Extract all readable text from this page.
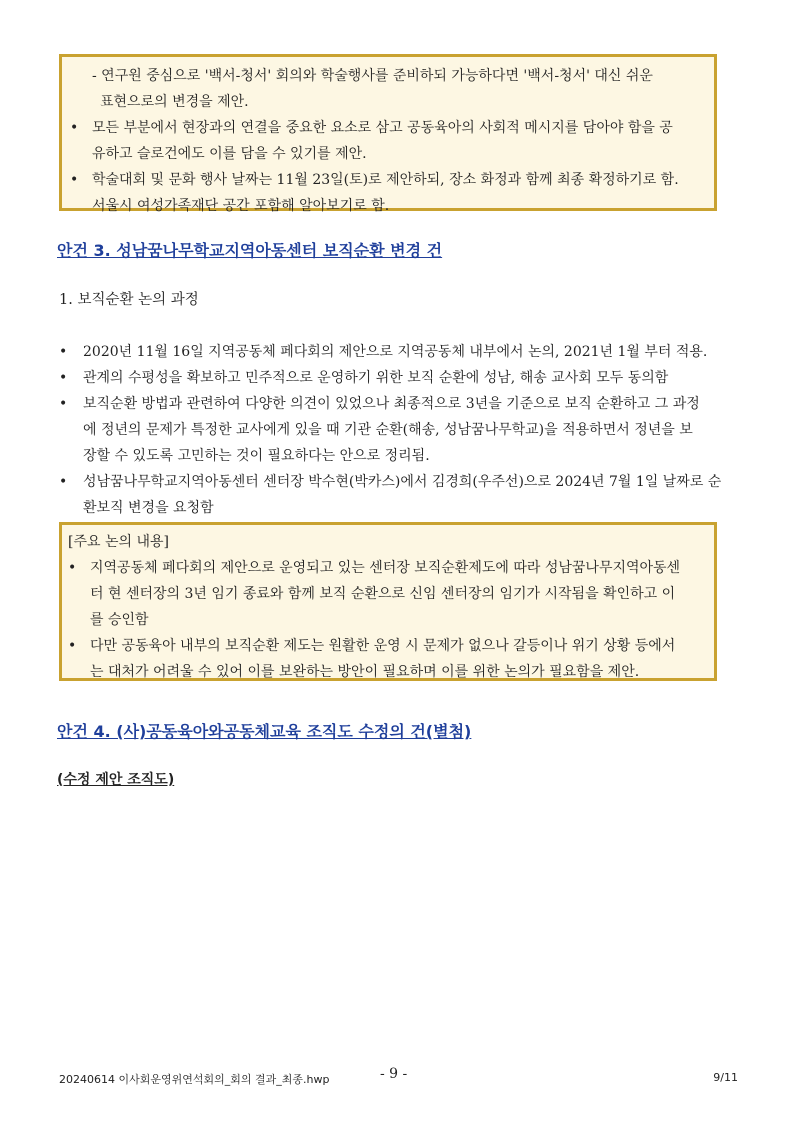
- 연구원 중심으로 '백서-청서' 회의와 학술행사를 준비하되 가능하다면 '백서-청서' 대신 쉬운
표현으로의 변경을 제안.
• 모든 부분에서 현장과의 연결을 중요한 요소로 삼고 공동육아의 사회적 메시지를 담아야 함을 공
유하고 슬로건에도 이를 담을 수 있기를 제안.
• 학술대회 및 문화 행사 날짜는 11월 23일(토)로 제안하되, 장소 화정과 함께 최종 확정하기로 함.
서울시 여성가족재단 공간 포함해 알아보기로 함.
안건 3. 성남꿈나무학교지역아동센터 보직순환 변경 건
1. 보직순환 논의 과정
• 2020년 11월 16일 지역공동체 페다회의 제안으로 지역공동체 내부에서 논의, 2021년 1월 부터 적용.
• 관계의 수평성을 확보하고 민주적으로 운영하기 위한 보직 순환에 성남, 해송 교사회 모두 동의함
• 보직순환 방법과 관련하여 다양한 의견이 있었으나 최종적으로 3년을 기준으로 보직 순환하고 그 과정
에 정년의 문제가 특정한 교사에게 있을 때 기관 순환(해송, 성남꿈나무학교)을 적용하면서 정년을 보
장할 수 있도록 고민하는 것이 필요하다는 안으로 정리됨.
• 성남꿈나무학교지역아동센터 센터장 박수현(박카스)에서 김경희(우주선)으로 2024년 7월 1일 날짜로 순
환보직 변경을 요청함
[주요 논의 내용]
• 지역공동체 페다회의 제안으로 운영되고 있는 센터장 보직순환제도에 따라 성남꿈나무지역아동센
터 현 센터장의 3년 임기 종료와 함께 보직 순환으로 신임 센터장의 임기가 시작됨을 확인하고 이
를 승인함
• 다만 공동육아 내부의 보직순환 제도는 원활한 운영 시 문제가 없으나 갈등이나 위기 상황 등에서
는 대처가 어려울 수 있어 이를 보완하는 방안이 필요하며 이를 위한 논의가 필요함을 제안.
안건 4. (사)공동육아와공동체교육 조직도 수정의 건(별첨)
(수정 제안 조직도)
20240614 이사회운영위연석회의_회의 결과_최종.hwp	- 9 -	9/11
